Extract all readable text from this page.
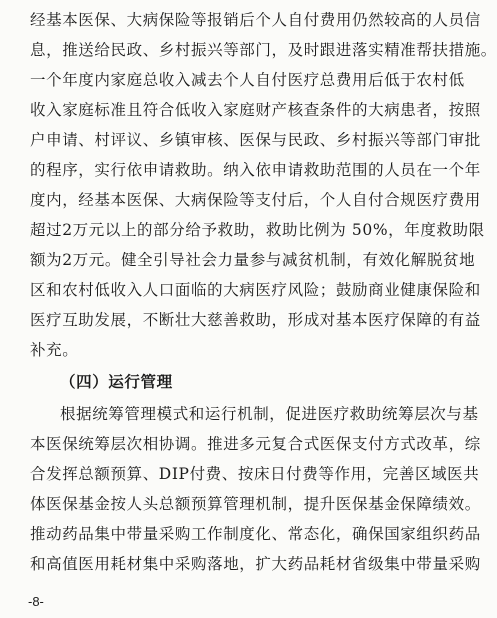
经基本医保、大病保险等报销后个人自付费用仍然较高的人员信
息，推送给民政、乡村振兴等部门，及时跟进落实精准帮扶措施。
一个年度内家庭总收入减去个人自付医疗总费用后低于农村低
收入家庭标准且符合低收入家庭财产核查条件的大病患者，按照
户申请、村评议、乡镇审核、医保与民政、乡村振兴等部门审批
的程序，实行依申请救助。纳入依申请救助范围的人员在一个年
度内，经基本医保、大病保险等支付后，个人自付合规医疗费用
超过2万元以上的部分给予救助，救助比例为 50%，年度救助限
额为2万元。健全引导社会力量参与减贫机制，有效化解脱贫地
区和农村低收入人口面临的大病医疗风险；鼓励商业健康保险和
医疗互助发展，不断壮大慈善救助，形成对基本医疗保障的有益
补充。
（四）运行管理
根据统筹管理模式和运行机制，促进医疗救助统筹层次与基
本医保统筹层次相协调。推进多元复合式医保支付方式改革，综
合发挥总额预算、DIP付费、按床日付费等作用，完善区域医共
体医保基金按人头总额预算管理机制，提升医保基金保障绩效。
推动药品集中带量采购工作制度化、常态化，确保国家组织药品
和高值医用耗材集中采购落地，扩大药品耗材省级集中带量采购
-8-
